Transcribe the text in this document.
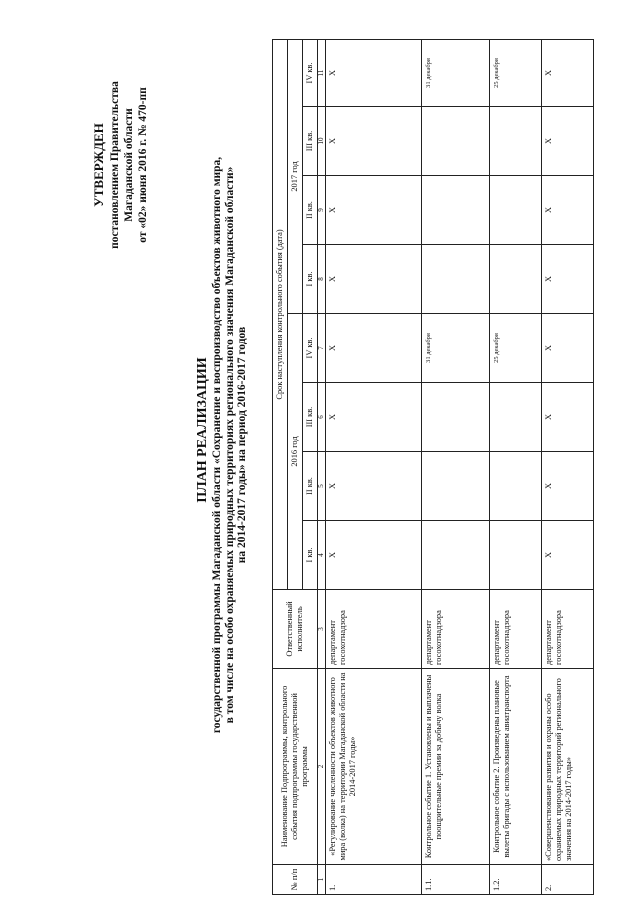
УТВЕРЖДЕН постановлением Правительства Магаданской области от «02» июня 2016 г. № 470-пп
ПЛАН РЕАЛИЗАЦИИ государственной программы Магаданской области «Сохранение и воспроизводство объектов животного мира, в том числе на особо охраняемых природных территориях регионального значения Магаданской области» на 2014-2017 годы» на период 2016-2017 годов
№ п/п	Наименование Подпрограммы, контрольного события подпрограммы государственной программы	Ответственный исполнитель	Срок наступления контрольного события (дата)							
			2016 год				2017 год			
			I кв.	II кв.	III кв.	IV кв.	I кв.	II кв.	III кв.	IV кв.
1	2	3	4	5	6	7	8	9	10	11
1.	«Регулирование численности объектов животного мира (волка) на территории Магаданской области на 2014-2017 годы»	департамент госохотнадзора	X	X	X	X	X	X	X	X
1.1.	Контрольное событие 1. Установлены и выплачены поощрительные премии за добычу волка	департамент госохотнадзора				31 декабря				31 декабря
1.2.	Контрольное событие 2. Произведены плановые вылеты бригады с использованием авиатранспорта	департамент госохотнадзора				25 декабря				25 декабря
2.	«Совершенствование развития и охраны особо охраняемых природных территорий регионального значения на 2014-2017 годы»	департамент госохотнадзора	X	X	X	X	X	X	X	X
